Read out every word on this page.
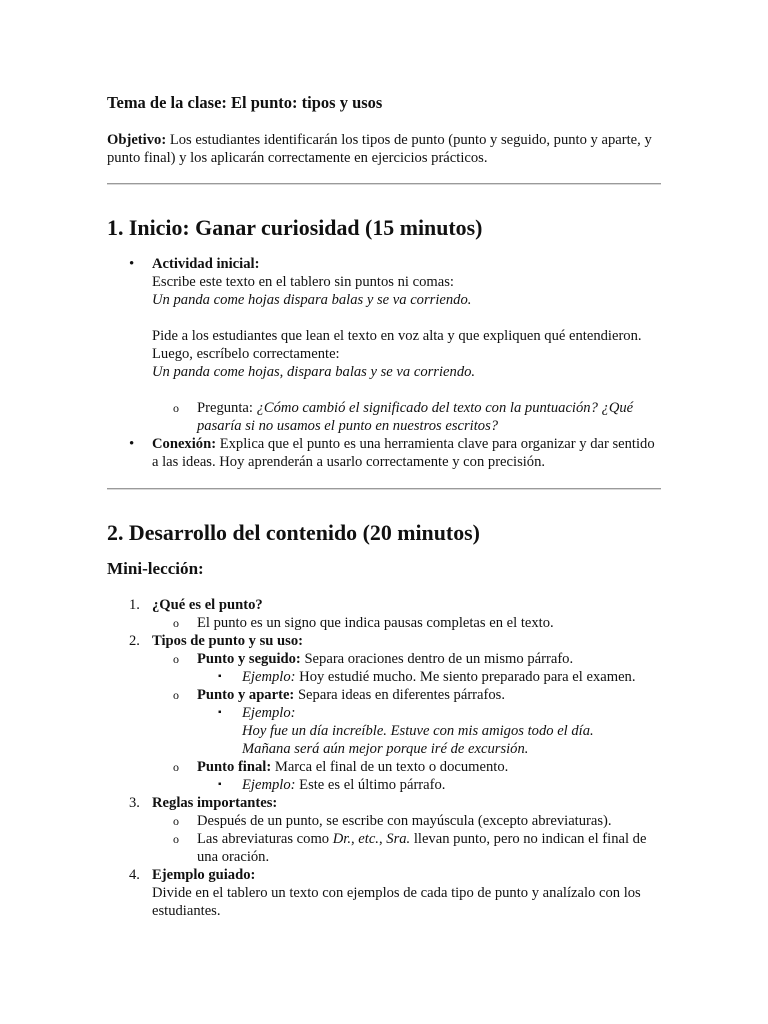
Tema de la clase: El punto: tipos y usos

Objetivo: Los estudiantes identificarán los tipos de punto (punto y seguido, punto y aparte, y punto final) y los aplicarán correctamente en ejercicios prácticos.

1. Inicio: Ganar curiosidad (15 minutos)
• Actividad inicial:
Escribe este texto en el tablero sin puntos ni comas:
Un panda come hojas dispara balas y se va corriendo.
Pide a los estudiantes que lean el texto en voz alta y que expliquen qué entendieron.
Luego, escríbelo correctamente:
Un panda come hojas, dispara balas y se va corriendo.
o Pregunta: ¿Cómo cambió el significado del texto con la puntuación? ¿Qué pasaría si no usamos el punto en nuestros escritos?
• Conexión: Explica que el punto es una herramienta clave para organizar y dar sentido a las ideas. Hoy aprenderán a usarlo correctamente y con precisión.
2. Desarrollo del contenido (20 minutos)
Mini-lección:
1. ¿Qué es el punto?
o El punto es un signo que indica pausas completas en el texto.
2. Tipos de punto y su uso:
o Punto y seguido: Separa oraciones dentro de un mismo párrafo.
▪ Ejemplo: Hoy estudié mucho. Me siento preparado para el examen.
o Punto y aparte: Separa ideas en diferentes párrafos.
▪ Ejemplo:
Hoy fue un día increíble. Estuve con mis amigos todo el día.
Mañana será aún mejor porque iré de excursión.
o Punto final: Marca el final de un texto o documento.
▪ Ejemplo: Este es el último párrafo.
3. Reglas importantes:
o Después de un punto, se escribe con mayúscula (excepto abreviaturas).
o Las abreviaturas como Dr., etc., Sra. llevan punto, pero no indican el final de una oración.
4. Ejemplo guiado:
Divide en el tablero un texto con ejemplos de cada tipo de punto y analízalo con los estudiantes.
